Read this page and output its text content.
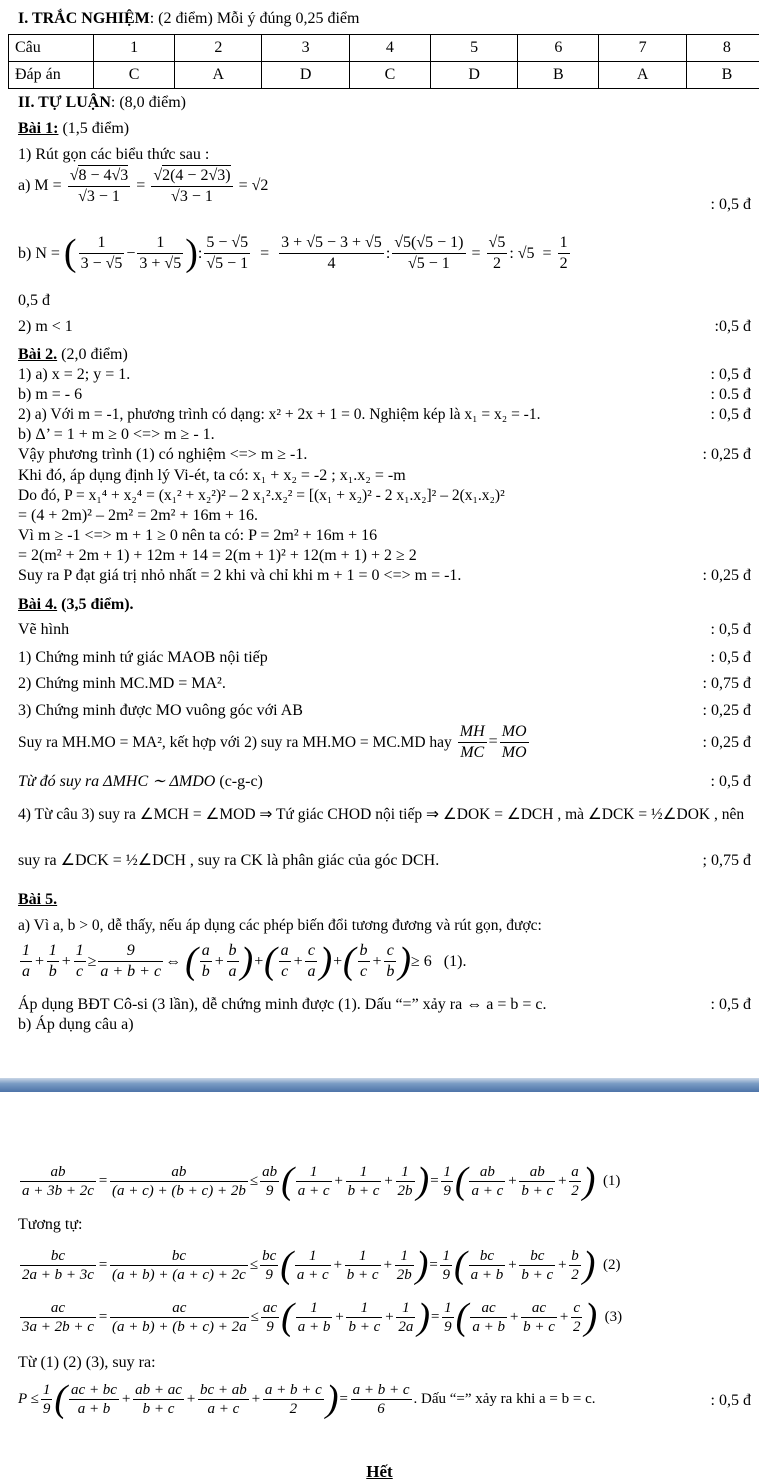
I. TRẮC NGHIỆM: (2 điểm) Mỗi ý đúng 0,25 điểm
Câu	1	2	3	4	5	6	7	8
Đáp án	C	A	D	C	D	B	A	B
II. TỰ LUẬN: (8,0 điểm)
Bài 1: (1,5 điểm)
1) Rút gọn các biểu thức sau :
a) $M = \frac{√8 - 4√3}{√3 - 1} = \frac{√2(4 - 2√3)}{√3 - 1} = √2$
: 0,5 đ
b) N = ( $\frac{1}{3 - √5} - \frac{1}{3 + √5}$ ): $\frac{5 - √5}{√5 - 1} = \frac{3 + √5 - 3 + √5}{4}$ : $\frac{√5(√5 - 1)}{√5 - 1} = \frac{√5}{2}$ : $√5 = \frac{1}{2}$
0,5 đ
2) m < 1	:0,5 đ
Bài 2. (2,0 điểm)
1) a) x = 2; y = 1.	: 0,5 đ
b) m = - 6	: 0.5 đ
2) a) Với m = -1, phương trình có dạng: x² + 2x + 1 = 0. Nghiệm kép là x₁ = x₂ = -1.	: 0,5 đ
b) Δ’ = 1 + m ≥ 0 <=> m ≥ - 1.
Vậy phương trình (1) có nghiệm <=> m ≥ -1.	: 0,25 đ
Khi đó, áp dụng định lý Vi-ét, ta có: x₁ + x₂ = -2 ; x₁.x₂ = -m
Do đó, P = x₁⁴ + x₂⁴ = (x₁² + x₂²)² – 2 x₁².x₂² = [(x₁ + x₂)² - 2 x₁.x₂]² – 2(x₁.x₂)²
= (4 + 2m)² – 2m² = 2m² + 16m + 16.
Vì m ≥ -1 <=> m + 1 ≥ 0 nên ta có: P = 2m² + 16m + 16
= 2(m² + 2m + 1) + 12m + 14 = 2(m + 1)² + 12(m + 1) + 2 ≥ 2
Suy ra P đạt giá trị nhỏ nhất = 2 khi và chỉ khi m + 1 = 0 <=> m = -1.	: 0,25 đ
Bài 4. (3,5 điểm).
Vẽ hình	: 0,5 đ
1) Chứng minh tứ giác MAOB nội tiếp	: 0,5 đ
2) Chứng minh MC.MD = MA².	: 0,75 đ
3) Chứng minh được MO vuông góc với AB	: 0,25 đ
Suy ra MH.MO = MA², kết hợp với 2) suy ra MH.MO = MC.MD hay $\frac{MH}{MC} = \frac{MO}{MO}$	: 0,25 đ
Từ đó suy ra ΔMHC ∼ ΔMDO (c-g-c)	: 0,5 đ
4) Từ câu 3) suy ra ∠MCH = ∠MOD ⇒ Tứ giác CHOD nội tiếp ⇒ ∠DOK = ∠DCH , mà ∠DCK = ½∠DOK , nên
suy ra ∠DCK = ½∠DCH , suy ra CK là phân giác của góc DCH.	; 0,75 đ
Bài 5.
a) Vì a, b > 0, dễ thấy, nếu áp dụng các phép biến đổi tương đương và rút gọn, được:
$\frac{1}{a} + \frac{1}{b} + \frac{1}{c} \ge \frac{9}{a + b + c}$ ⇔ ( $\frac{a}{b} + \frac{b}{a}$ )+( $\frac{a}{c} + \frac{c}{a}$ )+( $\frac{b}{c} + \frac{c}{b}$ )≥ 6   (1).
Áp dụng BĐT Cô-si (3 lần), dễ chứng minh được (1). Dấu “=” xảy ra ⇔ a = b = c.	: 0,5 đ
b) Áp dụng câu a)
$\frac{ab}{a + 3b + 2c} = \frac{ab}{(a + c) + (b + c) + 2b} \le \frac{ab}{9}$ ( $\frac{1}{a + c} + \frac{1}{b + c} + \frac{1}{2b}$ )= $\frac{1}{9}$ ( $\frac{ab}{a + c} + \frac{ab}{b + c} + \frac{a}{2}$ )  (1)
Tương tự:
$\frac{bc}{2a + b + 3c} = \frac{bc}{(a + b) + (a + c) + 2c} \le \frac{bc}{9}$ ( $\frac{1}{a + c} + \frac{1}{b + c} + \frac{1}{2b}$ )= $\frac{1}{9}$ ( $\frac{bc}{a + b} + \frac{bc}{b + c} + \frac{b}{2}$ )  (2)
$\frac{ac}{3a + 2b + c} = \frac{ac}{(a + b) + (b + c) + 2a} \le \frac{ac}{9}$ ( $\frac{1}{a + b} + \frac{1}{b + c} + \frac{1}{2a}$ )= $\frac{1}{9}$ ( $\frac{ac}{a + b} + \frac{ac}{b + c} + \frac{c}{2}$ )  (3)
Từ (1) (2) (3), suy ra:
$P \le \frac{1}{9}$ ( $\frac{ac + bc}{a + b} + \frac{ab + ac}{b + c} + \frac{bc + ab}{a + c} + \frac{a + b + c}{2}$ )= $\frac{a + b + c}{6}$ . Dấu “=” xảy ra khi a = b = c.	: 0,5 đ
Hết
